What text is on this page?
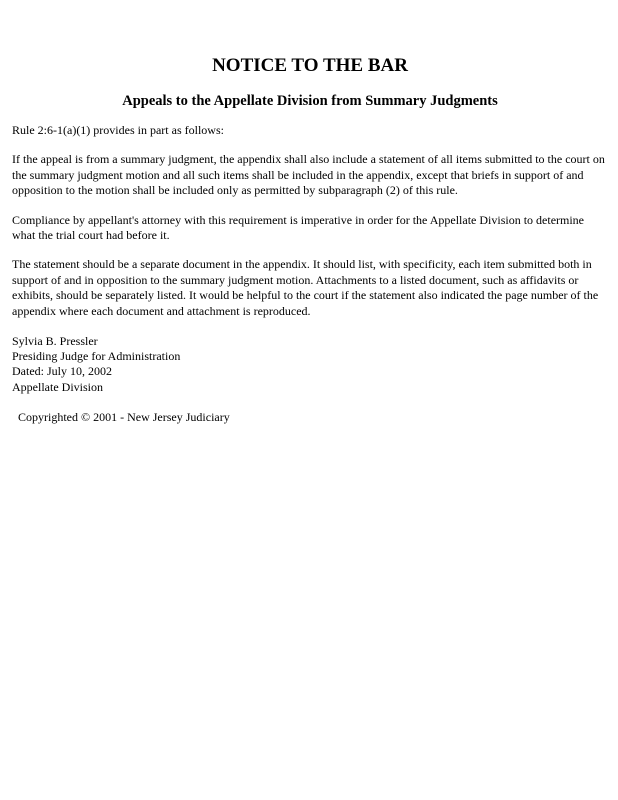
NOTICE TO THE BAR
Appeals to the Appellate Division from Summary Judgments

Rule 2:6-1(a)(1) provides in part as follows:

If the appeal is from a summary judgment, the appendix shall also include a statement of all items submitted to the court on the summary judgment motion and all such items shall be included in the appendix, except that briefs in support of and opposition to the motion shall be included only as permitted by subparagraph (2) of this rule.

Compliance by appellant's attorney with this requirement is imperative in order for the Appellate Division to determine what the trial court had before it.

The statement should be a separate document in the appendix. It should list, with specificity, each item submitted both in support of and in opposition to the summary judgment motion. Attachments to a listed document, such as affidavits or exhibits, should be separately listed. It would be helpful to the court if the statement also indicated the page number of the appendix where each document and attachment is reproduced.

Sylvia B. Pressler
Presiding Judge for Administration
Dated: July 10, 2002
Appellate Division
Copyrighted © 2001 - New Jersey Judiciary
